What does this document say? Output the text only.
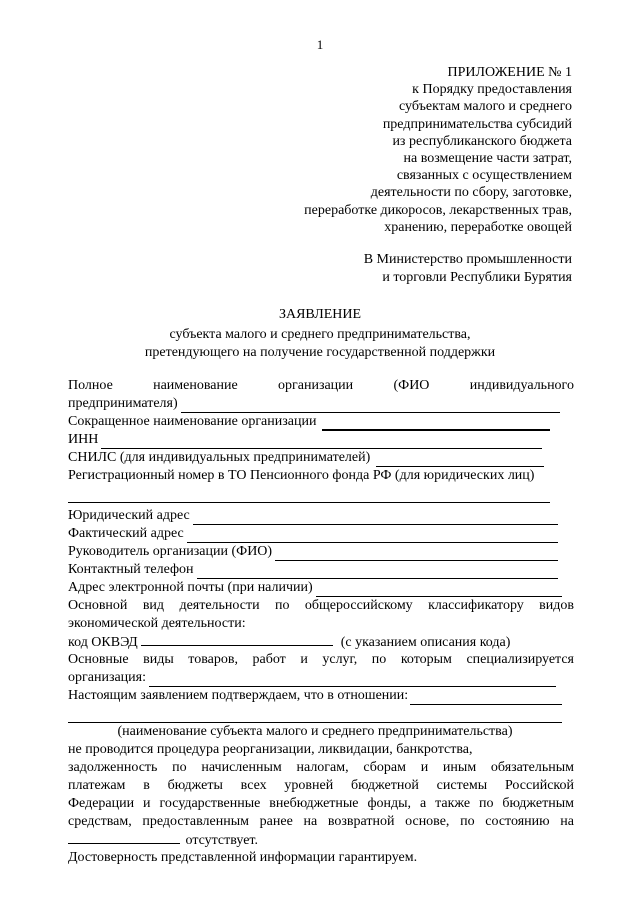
1
ПРИЛОЖЕНИЕ № 1
к Порядку предоставления
субъектам малого и среднего
предпринимательства субсидий
из республиканского бюджета
на возмещение части затрат,
связанных с осуществлением
деятельности по сбору, заготовке,
переработке дикоросов, лекарственных трав,
хранению, переработке овощей
В Министерство промышленности
и торговли Республики Бурятия
ЗАЯВЛЕНИЕ
субъекта малого и среднего предпринимательства,
претендующего на получение государственной поддержки
Полное	наименование	организации	(ФИО	индивидуального
предпринимателя)
Сокращенное наименование организации
ИНН
СНИЛС (для индивидуальных предпринимателей)
Регистрационный номер в ТО Пенсионного фонда РФ (для юридических лиц)
Юридический адрес
Фактический адрес
Руководитель организации (ФИО)
Контактный телефон
Адрес электронной почты (при наличии)
Основной вид деятельности по общероссийскому классификатору видов
экономической деятельности:
код ОКВЭД	(с указанием описания кода)
Основные виды товаров, работ и услуг, по которым специализируется
организация:
Настоящим заявлением подтверждаем, что в отношении:
(наименование субъекта малого и среднего предпринимательства)
не проводится процедура реорганизации, ликвидации, банкротства,
задолженность по начисленным налогам, сборам и иным обязательным
платежам в бюджеты всех уровней бюджетной системы Российской
Федерации и государственные внебюджетные фонды, а также по бюджетным
средствам, предоставленным ранее на возвратной основе, по состоянию на
отсутствует.
Достоверность представленной информации гарантируем.
